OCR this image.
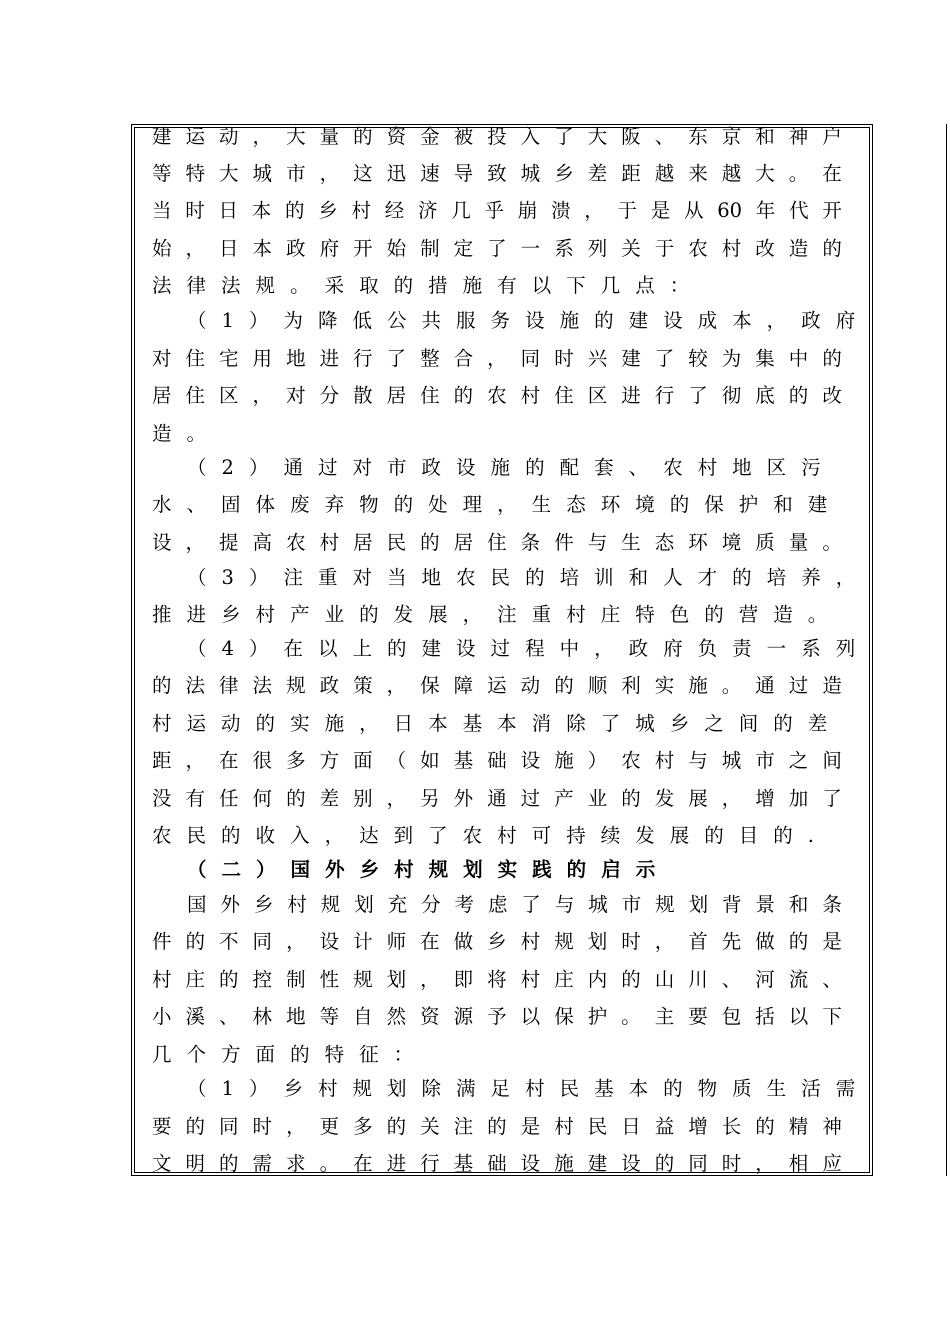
建 运 动 ， 大 量 的 资 金 被 投 入 了 大 阪 、 东 京 和 神 户
等 特 大 城 市 ， 这 迅 速 导 致 城 乡 差 距 越 来 越 大 。 在
当 时 日 本 的 乡 村 经 济 几 乎 崩 溃 ， 于 是 从 60 年 代 开
始 ， 日 本 政 府 开 始 制 定 了 一 系 列 关 于 农 村 改 造 的
法 律 法 规 。 采 取 的 措 施 有 以 下 几 点 ：
（ 1 ） 为 降 低 公 共 服 务 设 施 的 建 设 成 本 ， 政 府
对 住 宅 用 地 进 行 了 整 合 ， 同 时 兴 建 了 较 为 集 中 的
居 住 区 ， 对 分 散 居 住 的 农 村 住 区 进 行 了 彻 底 的 改
造 。
（ 2 ） 通 过 对 市 政 设 施 的 配 套 、 农 村 地 区 污
水 、 固 体 废 弃 物 的 处 理 ， 生 态 环 境 的 保 护 和 建
设 ， 提 高 农 村 居 民 的 居 住 条 件 与 生 态 环 境 质 量 。
（ 3 ） 注 重 对 当 地 农 民 的 培 训 和 人 才 的 培 养 ，
推 进 乡 村 产 业 的 发 展 ， 注 重 村 庄 特 色 的 营 造 。
（ 4 ） 在 以 上 的 建 设 过 程 中 ， 政 府 负 责 一 系 列
的 法 律 法 规 政 策 ， 保 障 运 动 的 顺 利 实 施 。 通 过 造
村 运 动 的 实 施 ， 日 本 基 本 消 除 了 城 乡 之 间 的 差
距 ， 在 很 多 方 面 （ 如 基 础 设 施 ） 农 村 与 城 市 之 间
没 有 任 何 的 差 别 ， 另 外 通 过 产 业 的 发 展 ， 增 加 了
农 民 的 收 入 ， 达 到 了 农 村 可 持 续 发 展 的 目 的 .
（ 二 ） 国 外 乡 村 规 划 实 践 的 启 示
国 外 乡 村 规 划 充 分 考 虑 了 与 城 市 规 划 背 景 和 条
件 的 不 同 ， 设 计 师 在 做 乡 村 规 划 时 ， 首 先 做 的 是
村 庄 的 控 制 性 规 划 ， 即 将 村 庄 内 的 山 川 、 河 流 、
小 溪 、 林 地 等 自 然 资 源 予 以 保 护 。 主 要 包 括 以 下
几 个 方 面 的 特 征 ：
（ 1 ） 乡 村 规 划 除 满 足 村 民 基 本 的 物 质 生 活 需
要 的 同 时 ， 更 多 的 关 注 的 是 村 民 日 益 增 长 的 精 神
文 明 的 需 求 。 在 进 行 基 础 设 施 建 设 的 同 时 ， 相 应
